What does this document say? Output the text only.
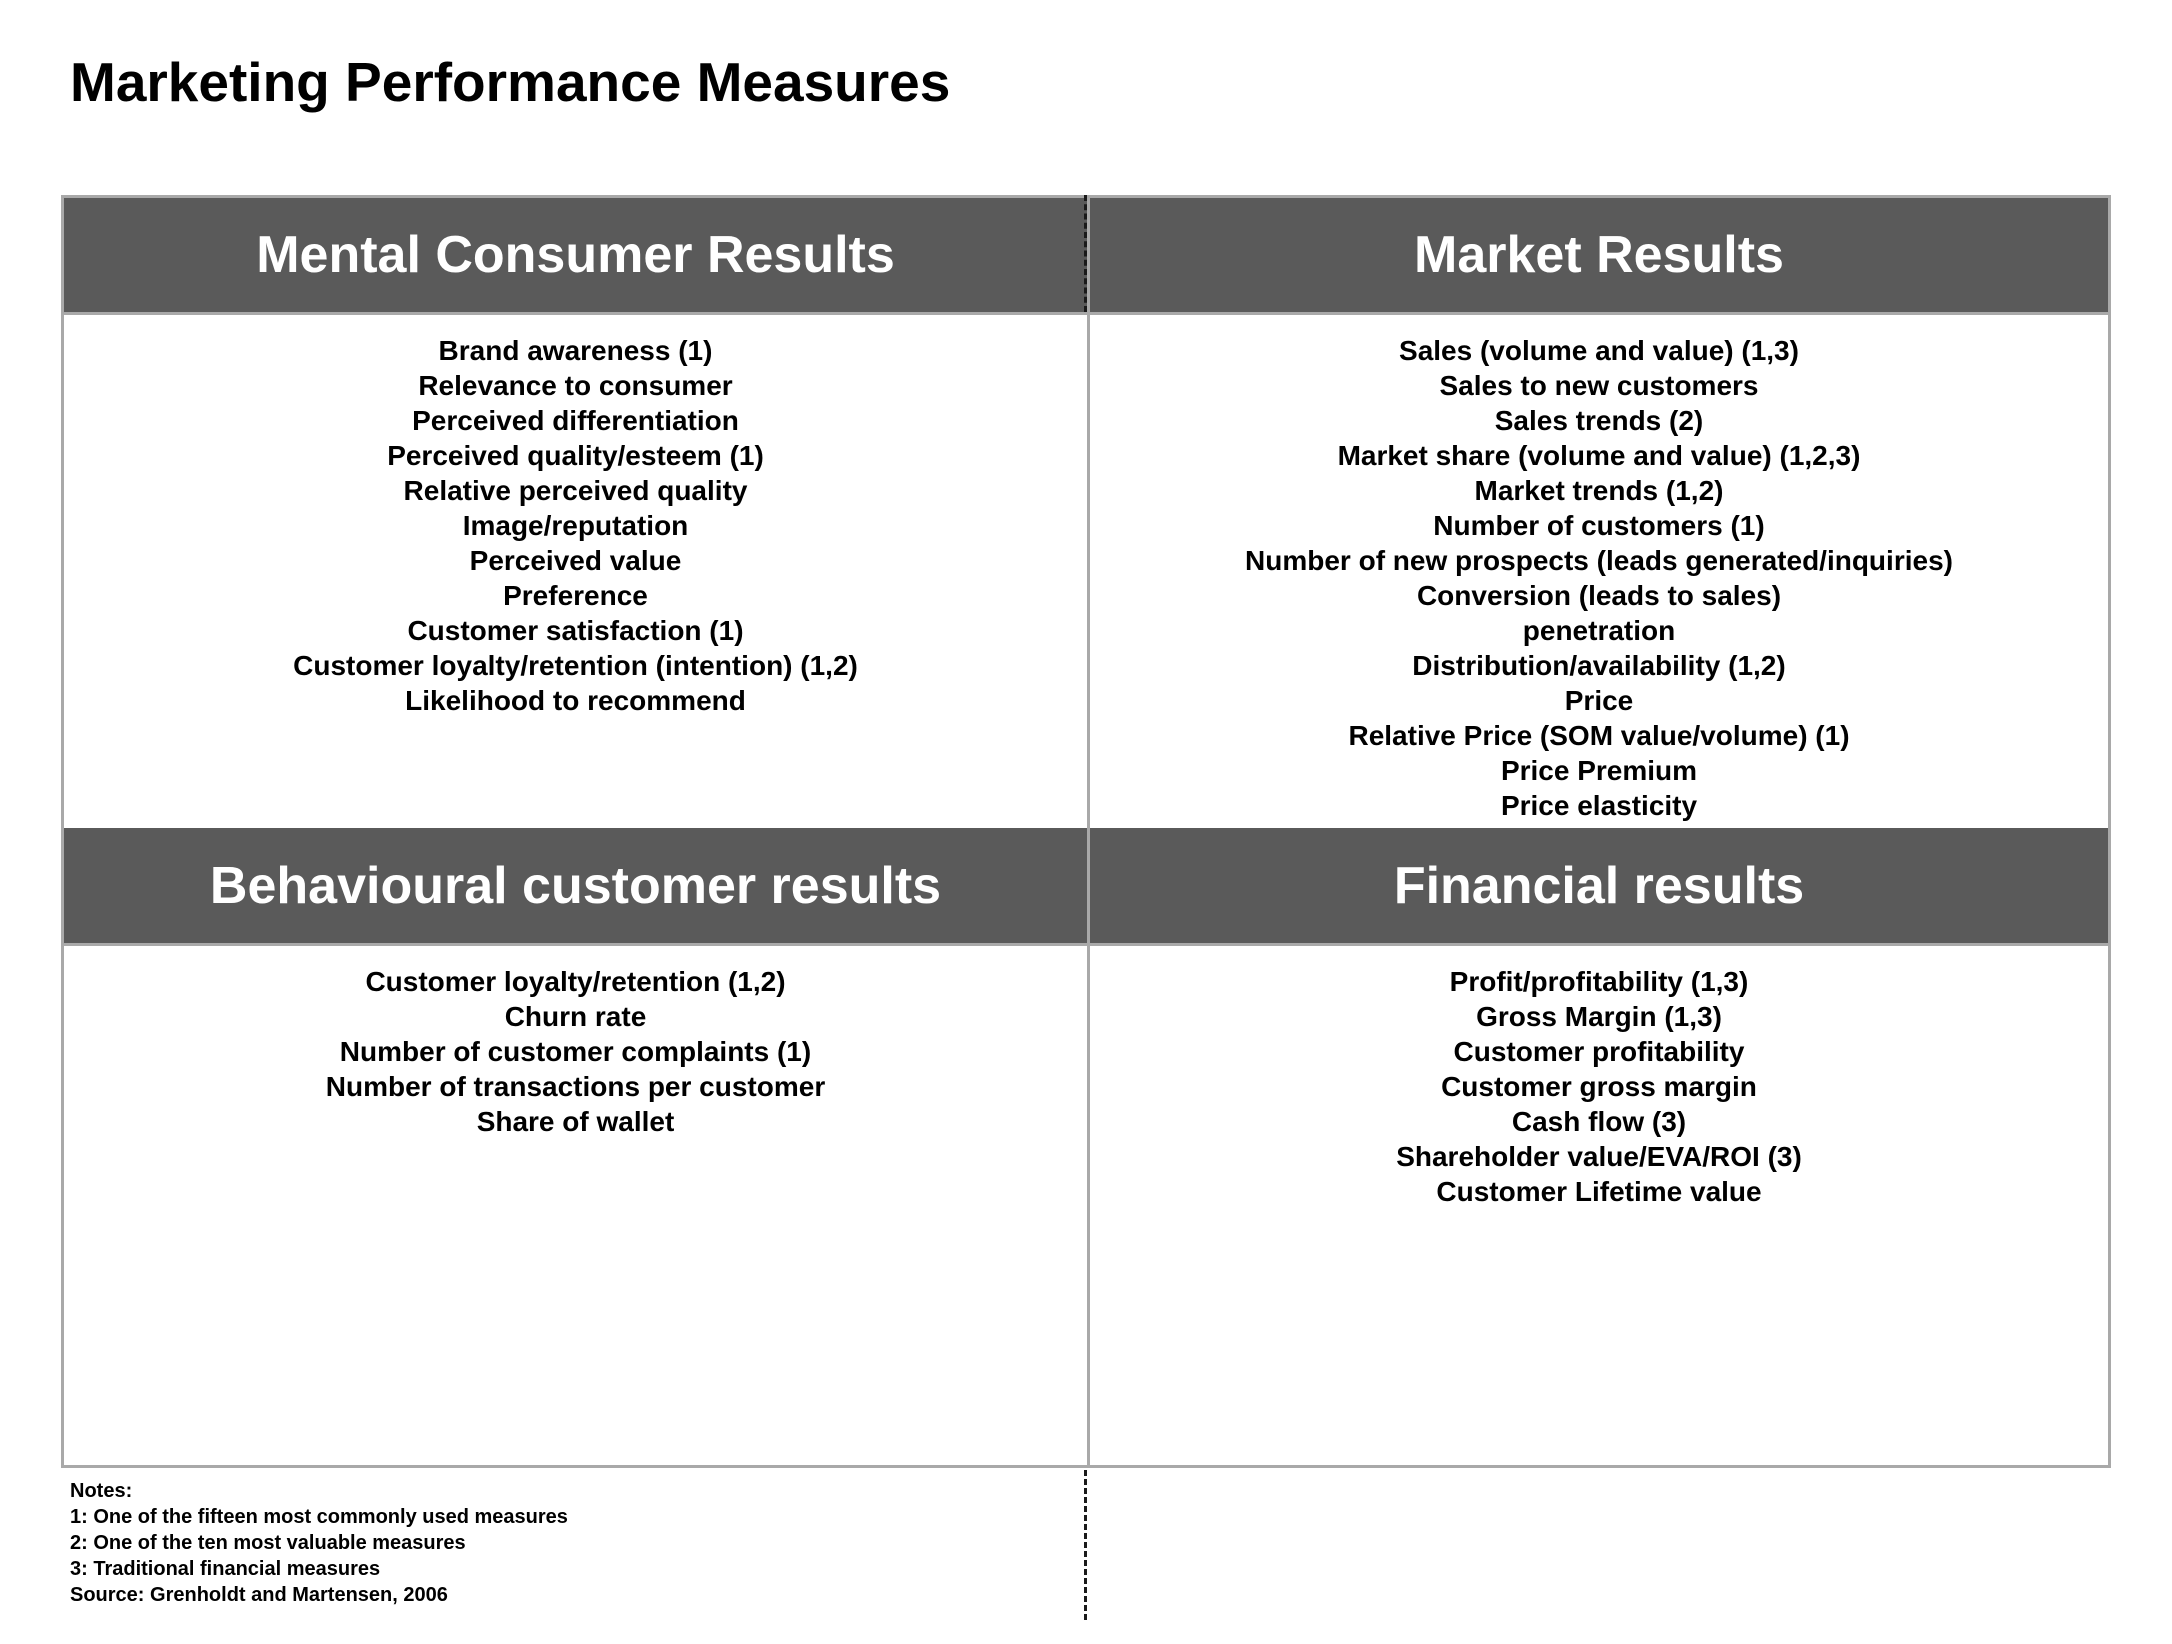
Marketing Performance Measures
Mental Consumer Results
Brand awareness (1)
Relevance to consumer
Perceived differentiation
Perceived quality/esteem (1)
Relative perceived quality
Image/reputation
Perceived value
Preference
Customer satisfaction (1)
Customer loyalty/retention (intention) (1,2)
Likelihood to recommend
Market Results
Sales (volume and value) (1,3)
Sales to new customers
Sales trends (2)
Market share (volume and value) (1,2,3)
Market trends (1,2)
Number of customers (1)
Number of new prospects (leads generated/inquiries)
Conversion (leads to sales)
penetration
Distribution/availability (1,2)
Price
Relative Price (SOM value/volume) (1)
Price Premium
Price elasticity
Behavioural customer results
Customer loyalty/retention (1,2)
Churn rate
Number of customer complaints (1)
Number of transactions per customer
Share of wallet
Financial results
Profit/profitability (1,3)
Gross Margin (1,3)
Customer profitability
Customer gross margin
Cash flow (3)
Shareholder value/EVA/ROI (3)
Customer Lifetime value
Notes:
1: One of the fifteen most commonly used measures
2: One of the ten most valuable measures
3: Traditional financial measures
Source: Grenholdt and Martensen, 2006
